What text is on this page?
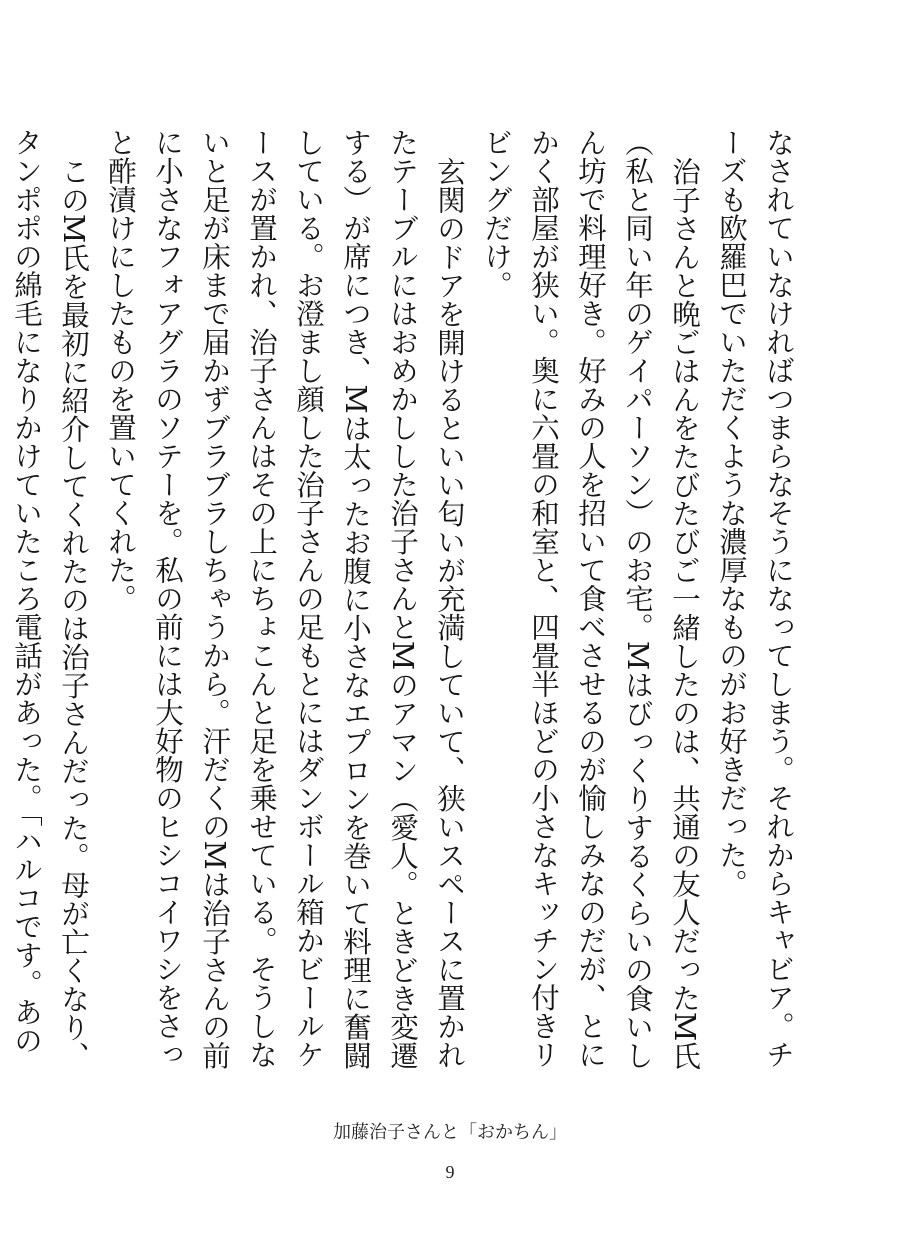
なされていなければつまらなそうになってしまう。それからキャビア。チーズも欧羅巴でいただくような濃厚なものがお好きだった。

治子さんと晩ごはんをたびたびご一緒したのは、共通の友人だったM氏（私と同い年のゲイパーソン）のお宅。Mはびっくりするくらいの食いしん坊で料理好き。好みの人を招いて食べさせるのが愉しみなのだが、とにかく部屋が狭い。奥に六畳の和室と、四畳半ほどの小さなキッチン付きリビングだけ。

玄関のドアを開けるといい匂いが充満していて、狭いスペースに置かれたテーブルにはおめかしした治子さんとMのアマン（愛人。ときどき変遷する）が席につき、Mは太ったお腹に小さなエプロンを巻いて料理に奮闘している。お澄まし顔した治子さんの足もとにはダンボール箱かビールケースが置かれ、治子さんはその上にちょこんと足を乗せている。そうしないと足が床まで届かずブラブラしちゃうから。汗だくのMは治子さんの前に小さなフォアグラのソテーを。私の前には大好物のヒシコイワシをさっと酢漬けにしたものを置いてくれた。

このM氏を最初に紹介してくれたのは治子さんだった。母が亡くなり、タンポポの綿毛になりかけていたころ電話があった。「ハルコです。あの

加藤治子さんと「おかちん」
9
